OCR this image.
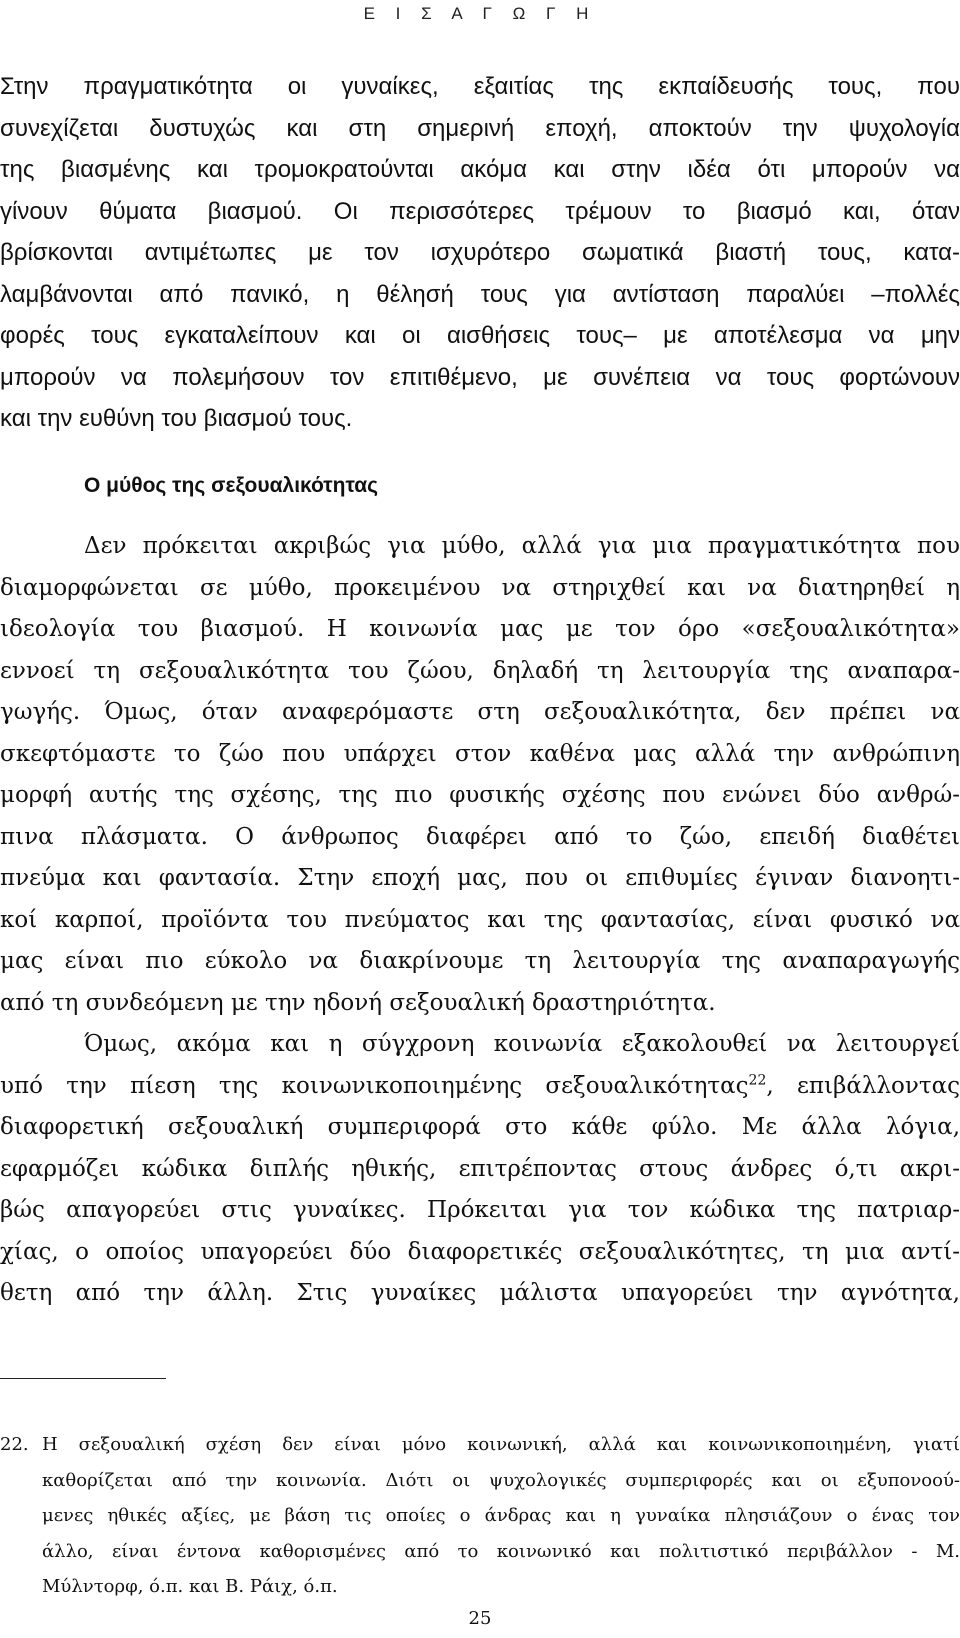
Ε Ι Σ Α Γ Ω Γ Η
Στην πραγματικότητα οι γυναίκες, εξαιτίας της εκπαίδευσής τους, που
συνεχίζεται δυστυχώς και στη σημερινή εποχή, αποκτούν την ψυχολογία
της βιασμένης και τρομοκρατούνται ακόμα και στην ιδέα ότι μπορούν να
γίνουν θύματα βιασμού. Οι περισσότερες τρέμουν το βιασμό και, όταν
βρίσκονται αντιμέτωπες με τον ισχυρότερο σωματικά βιαστή τους, κατα-
λαμβάνονται από πανικό, η θέλησή τους για αντίσταση παραλύει –πολλές
φορές τους εγκαταλείπουν και οι αισθήσεις τους– με αποτέλεσμα να μην
μπορούν να πολεμήσουν τον επιτιθέμενο, με συνέπεια να τους φορτώνουν
και την ευθύνη του βιασμού τους.
Ο μύθος της σεξουαλικότητας
Δεν πρόκειται ακριβώς για μύθο, αλλά για μια πραγματικότητα που
διαμορφώνεται σε μύθο, προκειμένου να στηριχθεί και να διατηρηθεί η
ιδεολογία του βιασμού. Η κοινωνία μας με τον όρο «σεξουαλικότητα»
εννοεί τη σεξουαλικότητα του ζώου, δηλαδή τη λειτουργία της αναπαρα-
γωγής. Όμως, όταν αναφερόμαστε στη σεξουαλικότητα, δεν πρέπει να
σκεφτόμαστε το ζώο που υπάρχει στον καθένα μας αλλά την ανθρώπινη
μορφή αυτής της σχέσης, της πιο φυσικής σχέσης που ενώνει δύο ανθρώ-
πινα πλάσματα. Ο άνθρωπος διαφέρει από το ζώο, επειδή διαθέτει
πνεύμα και φαντασία. Στην εποχή μας, που οι επιθυμίες έγιναν διανοητι-
κοί καρποί, προϊόντα του πνεύματος και της φαντασίας, είναι φυσικό να
μας είναι πιο εύκολο να διακρίνουμε τη λειτουργία της αναπαραγωγής
από τη συνδεόμενη με την ηδονή σεξουαλική δραστηριότητα.
Όμως, ακόμα και η σύγχρονη κοινωνία εξακολουθεί να λειτουργεί
υπό την πίεση της κοινωνικοποιημένης σεξουαλικότητας$^{22}$, επιβάλλοντας
διαφορετική σεξουαλική συμπεριφορά στο κάθε φύλο. Με άλλα λόγια,
εφαρμόζει κώδικα διπλής ηθικής, επιτρέποντας στους άνδρες ό,τι ακρι-
βώς απαγορεύει στις γυναίκες. Πρόκειται για τον κώδικα της πατριαρ-
χίας, ο οποίος υπαγορεύει δύο διαφορετικές σεξουαλικότητες, τη μια αντί-
θετη από την άλλη. Στις γυναίκες μάλιστα υπαγορεύει την αγνότητα,
22. Η σεξουαλική σχέση δεν είναι μόνο κοινωνική, αλλά και κοινωνικοποιημένη, γιατί
καθορίζεται από την κοινωνία. Διότι οι ψυχολογικές συμπεριφορές και οι εξυπονοού-
μενες ηθικές αξίες, με βάση τις οποίες ο άνδρας και η γυναίκα πλησιάζουν ο ένας τον
άλλο, είναι έντονα καθορισμένες από το κοινωνικό και πολιτιστικό περιβάλλον - Μ.
Μύλντορφ, ό.π. και Β. Ράιχ, ό.π.
25
